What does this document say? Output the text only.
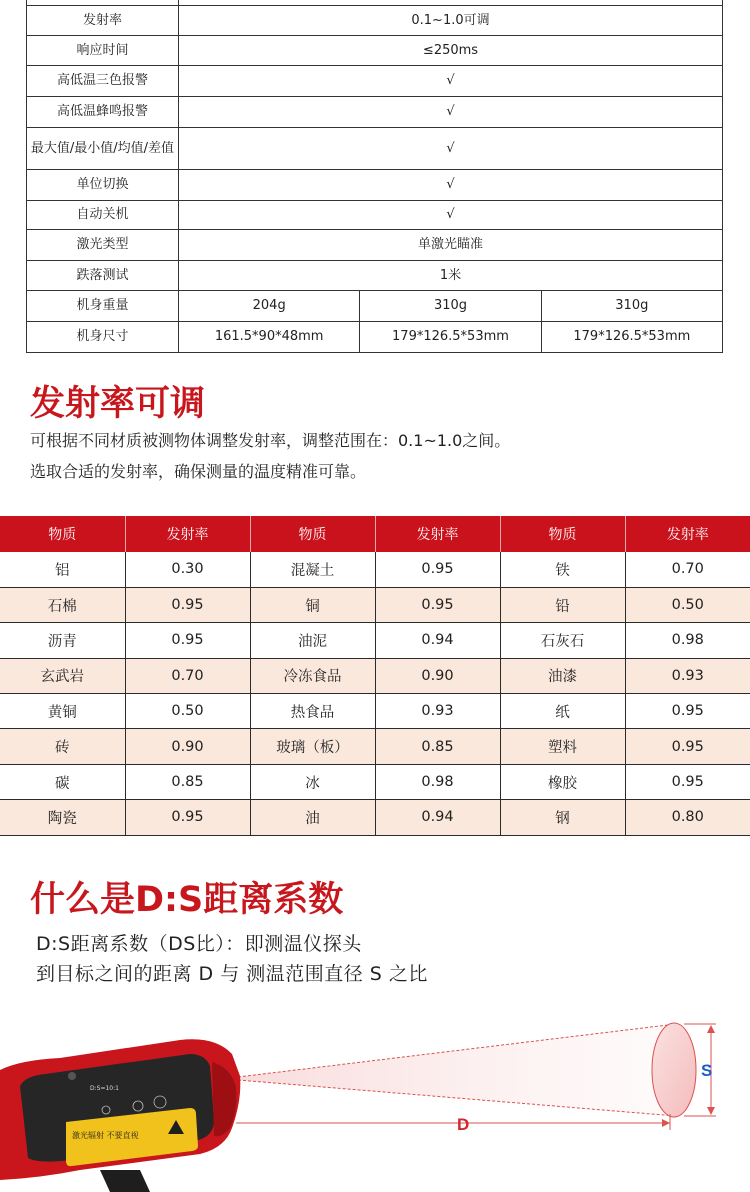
发射率	0.1~1.0可调		
响应时间	≤250ms		
高低温三色报警	√		
高低温蜂鸣报警	√		
最大值/最小值/均值/差值	√		
单位切换	√		
自动关机	√		
激光类型	单激光瞄准		
跌落测试	1米		
机身重量	204g	310g	310g
机身尺寸	161.5*90*48mm	179*126.5*53mm	179*126.5*53mm
发射率可调
可根据不同材质被测物体调整发射率，调整范围在：0.1~1.0之间。
选取合适的发射率，确保测量的温度精准可靠。
物质	发射率	物质	发射率	物质	发射率
铝	0.30	混凝土	0.95	铁	0.70
石棉	0.95	铜	0.95	铅	0.50
沥青	0.95	油泥	0.94	石灰石	0.98
玄武岩	0.70	冷冻食品	0.90	油漆	0.93
黄铜	0.50	热食品	0.93	纸	0.95
砖	0.90	玻璃（板）	0.85	塑料	0.95
碳	0.85	冰	0.98	橡胶	0.95
陶瓷	0.95	油	0.94	钢	0.80
什么是D:S距离系数
D:S距离系数（DS比）：即测温仪探头
到目标之间的距离 D 与 测温范围直径 S 之比
S
D
激光辐射 不要直视
D:S=10:1
